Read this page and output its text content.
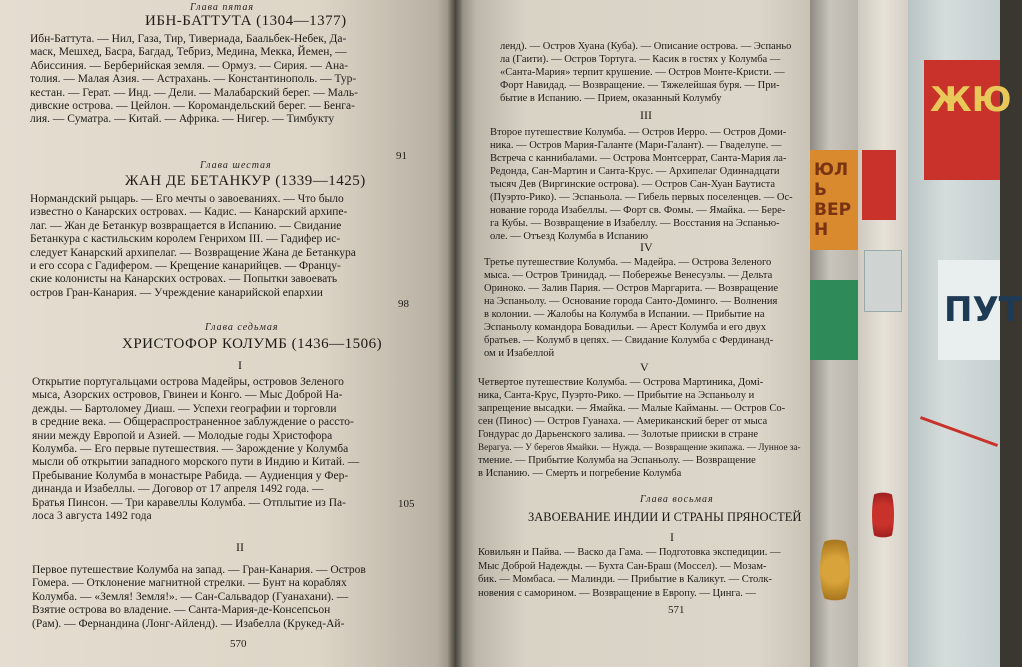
ЮЛЬ ВЕРН
ЖЮ
ПУТ
Глава пятая
ИБН-БАТТУТА (1304—1377)
Ибн-Баттута. — Нил, Газа, Тир, Тивериада, Баальбек-Небек, Да-
маск, Мешхед, Басра, Багдад, Тебриз, Медина, Мекка, Йемен, —
Абиссиния. — Берберийская земля. — Ормуз. — Сирия. — Ана-
толия. — Малая Азия. — Астрахань. — Константинополь. — Тур-
кестан. — Герат. — Инд. — Дели. — Малабарский берег. — Маль-
дивские острова. — Цейлон. — Коромандельский берег. — Бенга-
лия. — Суматра. — Китай. — Африка. — Нигер. — Тимбукту
91
Глава шестая
ЖАН ДЕ БЕТАНКУР (1339—1425)
Нормандский рыцарь. — Его мечты о завоеваниях. — Что было
известно о Канарских островах. — Кадис. — Канарский архипе-
лаг. — Жан де Бетанкур возвращается в Испанию. — Свидание
Бетанкура с кастильским королем Генрихом III. — Гадифер ис-
следует Канарский архипелаг. — Возвращение Жана де Бетанкура
и его ссора с Гадифером. — Крещение канарийцев. — Францу-
ские колонисты на Канарских островах. — Попытки завоевать
остров Гран-Канария. — Учреждение канарийской епархии
98
Глава седьмая
ХРИСТОФОР КОЛУМБ (1436—1506)
I
Открытие португальцами острова Мадейры, островов Зеленого
мыса, Азорских островов, Гвинеи и Конго. — Мыс Доброй На-
дежды. — Бартоломеу Диаш. — Успехи географии и торговли
в средние века. — Общераспространенное заблуждение о рассто-
янии между Европой и Азией. — Молодые годы Христофора
Колумба. — Его первые путешествия. — Зарождение у Колумба
мысли об открытии западного морского пути в Индию и Китай. —
Пребывание Колумба в монастыре Рабида. — Аудиенция у Фер-
динанда и Изабеллы. — Договор от 17 апреля 1492 года. —
Братья Пинсон. — Три каравеллы Колумба. — Отплытие из Па-
лоса 3 августа 1492 года
105
II
Первое путешествие Колумба на запад. — Гран-Канария. — Остров
Гомера. — Отклонение магнитной стрелки. — Бунт на кораблях
Колумба. — «Земля! Земля!». — Сан-Сальвадор (Гуанахани). —
Взятие острова во владение. — Санта-Мария-де-Консепсьон
(Рам). — Фернандина (Лонг-Айленд). — Изабелла (Крукед-Ай-
570
ленд). — Остров Хуана (Куба). — Описание острова. — Эспаньо
ла (Гаити). — Остров Тортуга. — Касик в гостях у Колумба —
«Санта-Мария» терпит крушение. — Остров Монте-Кристи. —
Форт Навидад. — Возвращение. — Тяжелейшая буря. — При-
бытие в Испанию. — Прием, оказанный Колумбу
III
Второе путешествие Колумба. — Остров Иерро. — Остров Доми-
ника. — Остров Мария-Галанте (Мари-Галант). — Гваделупе. —
Встреча с каннибалами. — Острова Монтсеррат, Санта-Мария ла-
Редонда, Сан-Мартин и Санта-Крус. — Архипелаг Одиннадцати
тысяч Дев (Виргинские острова). — Остров Сан-Хуан Баутиста
(Пуэрто-Рико). — Эспаньола. — Гибель первых поселенцев. — Ос-
нование города Изабеллы. — Форт св. Фомы. — Ямайка. — Бере-
га Кубы. — Возвращение в Изабеллу. — Восстания на Эспанью-
оле. — Отъезд Колумба в Испанию
IV
Третье путешествие Колумба. — Мадейра. — Острова Зеленого
мыса. — Остров Тринидад. — Побережье Венесуэлы. — Дельта
Ориноко. — Залив Пария. — Остров Маргарита. — Возвращение
на Эспаньолу. — Основание города Санто-Доминго. — Волнения
в колонии. — Жалобы на Колумба в Испании. — Прибытие на
Эспаньолу командора Бовадильи. — Арест Колумба и его двух
братьев. — Колумб в цепях. — Свидание Колумба с Фердинанд-
ом и Изабеллой
V
Четвертое путешествие Колумба. — Острова Мартиника, Домі-
ника, Санта-Крус, Пуэрто-Рико. — Прибытие на Эспаньолу и
запрещение высадки. — Ямайка. — Малые Кайманы. — Остров Со-
сен (Пинос) — Остров Гуанаха. — Американский берег от мыса
Гондурас до Дарьенского залива. — Золотые прииски в стране
Верагуа. — У берегов Ямайки. — Нужда. — Возвращение экипажа. — Лунное за-
тмение. — Прибытие Колумба на Эспаньолу. — Возвращение
в Испанию. — Смерть и погребение Колумба
Глава восьмая
ЗАВОЕВАНИЕ ИНДИИ И СТРАНЫ ПРЯНОСТЕЙ
I
Ковильян и Пайва. — Васко да Гама. — Подготовка экспедиции. —
Мыс Доброй Надежды. — Бухта Сан-Браш (Моссел). — Мозам-
бик. — Момбаса. — Малинди. — Прибытие в Каликут. — Столк-
новения с саморином. — Возвращение в Европу. — Цинга. —
571
